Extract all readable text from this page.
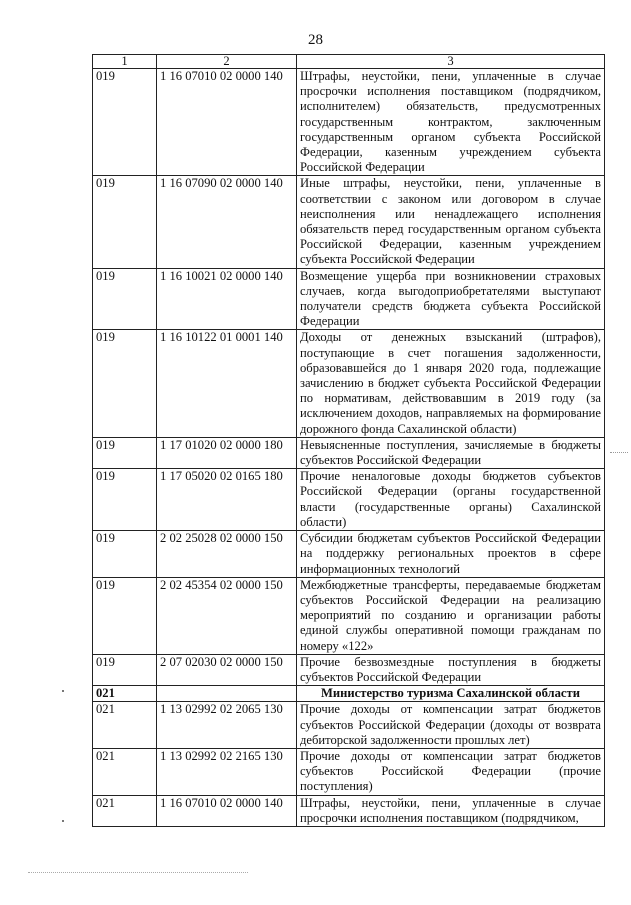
28
1	2	3
019	1 16 07010 02 0000 140	Штрафы, неустойки, пени, уплаченные в случае просрочки исполнения поставщиком (подрядчиком, исполнителем) обязательств, предусмотренных государственным контрактом, заключенным государственным органом субъекта Российской Федерации, казенным учреждением субъекта Российской Федерации
019	1 16 07090 02 0000 140	Иные штрафы, неустойки, пени, уплаченные в соответствии с законом или договором в случае неисполнения или ненадлежащего исполнения обязательств перед государственным органом субъекта Российской Федерации, казенным учреждением субъекта Российской Федерации
019	1 16 10021 02 0000 140	Возмещение ущерба при возникновении страховых случаев, когда выгодоприобретателями выступают получатели средств бюджета субъекта Российской Федерации
019	1 16 10122 01 0001 140	Доходы от денежных взысканий (штрафов), поступающие в счет погашения задолженности, образовавшейся до 1 января 2020 года, подлежащие зачислению в бюджет субъекта Российской Федерации по нормативам, действовавшим в 2019 году (за исключением доходов, направляемых на формирование дорожного фонда Сахалинской области)
019	1 17 01020 02 0000 180	Невыясненные поступления, зачисляемые в бюджеты субъектов Российской Федерации
019	1 17 05020 02 0165 180	Прочие неналоговые доходы бюджетов субъектов Российской Федерации (органы государственной власти (государственные органы) Сахалинской области)
019	2 02 25028 02 0000 150	Субсидии бюджетам субъектов Российской Федерации на поддержку региональных проектов в сфере информационных технологий
019	2 02 45354 02 0000 150	Межбюджетные трансферты, передаваемые бюджетам субъектов Российской Федерации на реализацию мероприятий по созданию и организации работы единой службы оперативной помощи гражданам по номеру «122»
019	2 07 02030 02 0000 150	Прочие безвозмездные поступления в бюджеты субъектов Российской Федерации
021		Министерство туризма Сахалинской области
021	1 13 02992 02 2065 130	Прочие доходы от компенсации затрат бюджетов субъектов Российской Федерации (доходы от возврата дебиторской задолженности прошлых лет)
021	1 13 02992 02 2165 130	Прочие доходы от компенсации затрат бюджетов субъектов Российской Федерации (прочие поступления)
021	1 16 07010 02 0000 140	Штрафы, неустойки, пени, уплаченные в случае просрочки исполнения поставщиком (подрядчиком,
